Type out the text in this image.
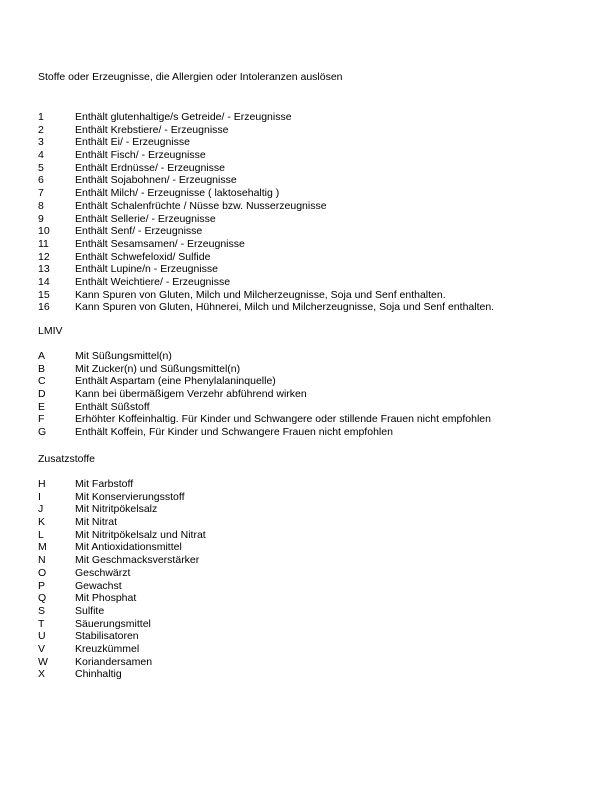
Stoffe oder Erzeugnisse, die Allergien oder Intoleranzen auslösen
1	Enthält glutenhaltige/s Getreide/ - Erzeugnisse
2	Enthält Krebstiere/ - Erzeugnisse
3	Enthält Ei/ - Erzeugnisse
4	Enthält Fisch/ - Erzeugnisse
5	Enthält Erdnüsse/ - Erzeugnisse
6	Enthält Sojabohnen/ - Erzeugnisse
7	Enthält Milch/ - Erzeugnisse ( laktosehaltig )
8	Enthält Schalenfrüchte / Nüsse bzw. Nusserzeugnisse
9	Enthält Sellerie/ - Erzeugnisse
10 Enthält Senf/ - Erzeugnisse
11 Enthält Sesamsamen/ - Erzeugnisse
12 Enthält Schwefeloxid/ Sulfide
13 Enthält Lupine/n - Erzeugnisse
14 Enthält Weichtiere/ - Erzeugnisse
15 Kann Spuren von Gluten, Milch und Milcherzeugnisse, Soja und Senf enthalten.
16 Kann Spuren von Gluten, Hühnerei, Milch und Milcherzeugnisse, Soja und Senf enthalten.
LMIV
A	Mit Süßungsmittel(n)
B	Mit Zucker(n) und Süßungsmittel(n)
C	Enthält Aspartam (eine Phenylalaninquelle)
D	Kann bei übermäßigem Verzehr abführend wirken
E	Enthält Süßstoff
F	Erhöhter Koffeinhaltig. Für Kinder und Schwangere oder stillende Frauen nicht empfohlen
G	Enthält Koffein, Für Kinder und Schwangere Frauen nicht empfohlen
Zusatzstoffe
H	Mit Farbstoff
I	Mit Konservierungsstoff
J	Mit Nitritpökelsalz
K	Mit Nitrat
L	Mit Nitritpökelsalz und Nitrat
M	Mit Antioxidationsmittel
N	Mit Geschmacksverstärker
O	Geschwärzt
P	Gewachst
Q	Mit Phosphat
S	Sulfite
T	Säuerungsmittel
U	Stabilisatoren
V	Kreuzkümmel
W	Koriandersamen
X	Chinhaltig
